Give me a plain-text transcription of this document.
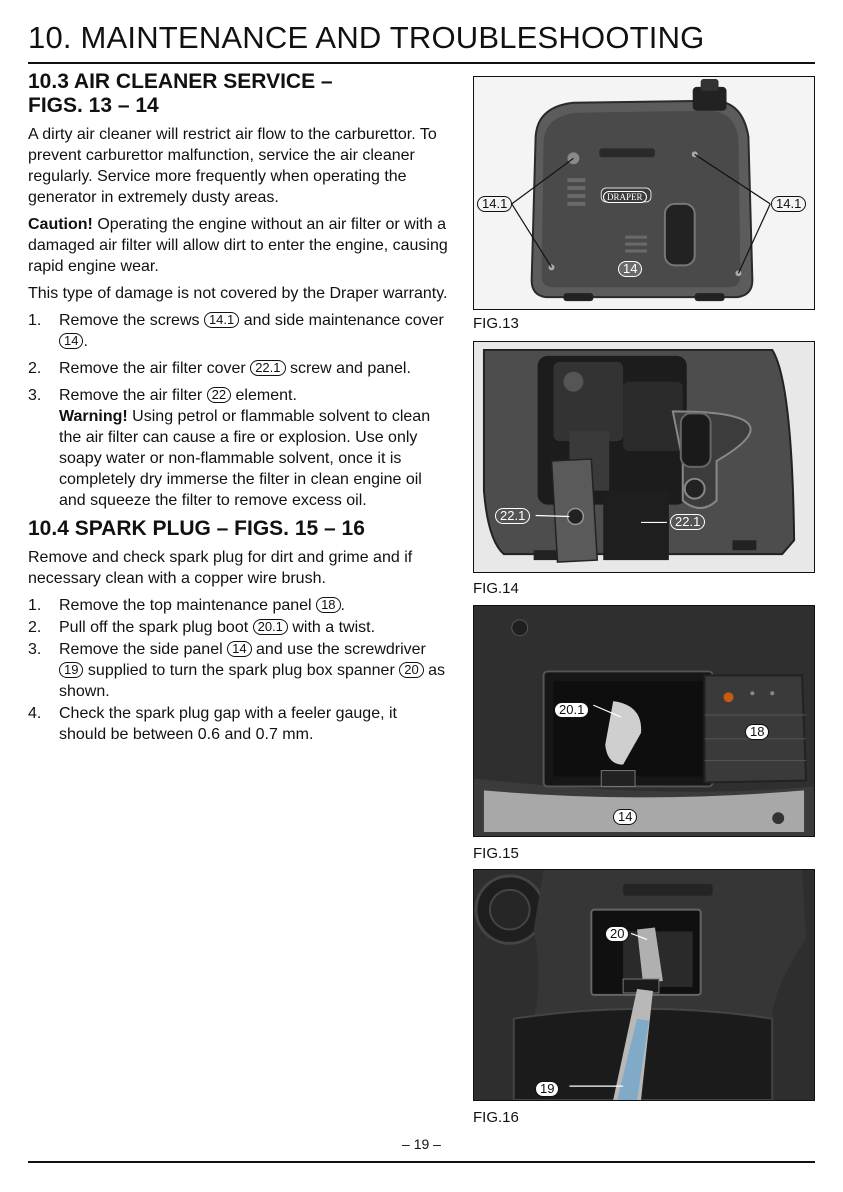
10. MAINTENANCE AND TROUBLESHOOTING
10.3 AIR CLEANER SERVICE –
FIGS. 13 – 14

A dirty air cleaner will restrict air flow to the carburettor. To prevent carburettor malfunction, service the air cleaner regularly. Service more frequently when operating the generator in extremely dusty areas.

Caution! Operating the engine without an air filter or with a damaged air filter will allow dirt to enter the engine, causing rapid engine wear.

This type of damage is not covered by the Draper warranty.

1. Remove the screws 14.1 and side maintenance cover 14 .
2. Remove the air filter cover 22.1 screw and panel.
3. Remove the air filter 22 element.
Warning! Using petrol or flammable solvent to clean the air filter can cause a fire or explosion. Use only soapy water or non-flammable solvent, once it is completely dry immerse the filter in clean engine oil and squeeze the filter to remove excess oil.
10.4 SPARK PLUG – FIGS. 15 – 16

Remove and check spark plug for dirt and grime and if necessary clean with a copper wire brush.

1. Remove the top maintenance panel 18 .
2. Pull off the spark plug boot 20.1 with a twist.
3. Remove the side panel 14 and use the screwdriver 19 supplied to turn the spark plug box spanner 20 as shown.
4. Check the spark plug gap with a feeler gauge, it should be between 0.6 and 0.7 mm.
14.1	14.1
14
DRAPER
FIG.13
22.1	22.1
FIG.14
20.1
18
14
FIG.15
20
19
FIG.16
– 19 –
